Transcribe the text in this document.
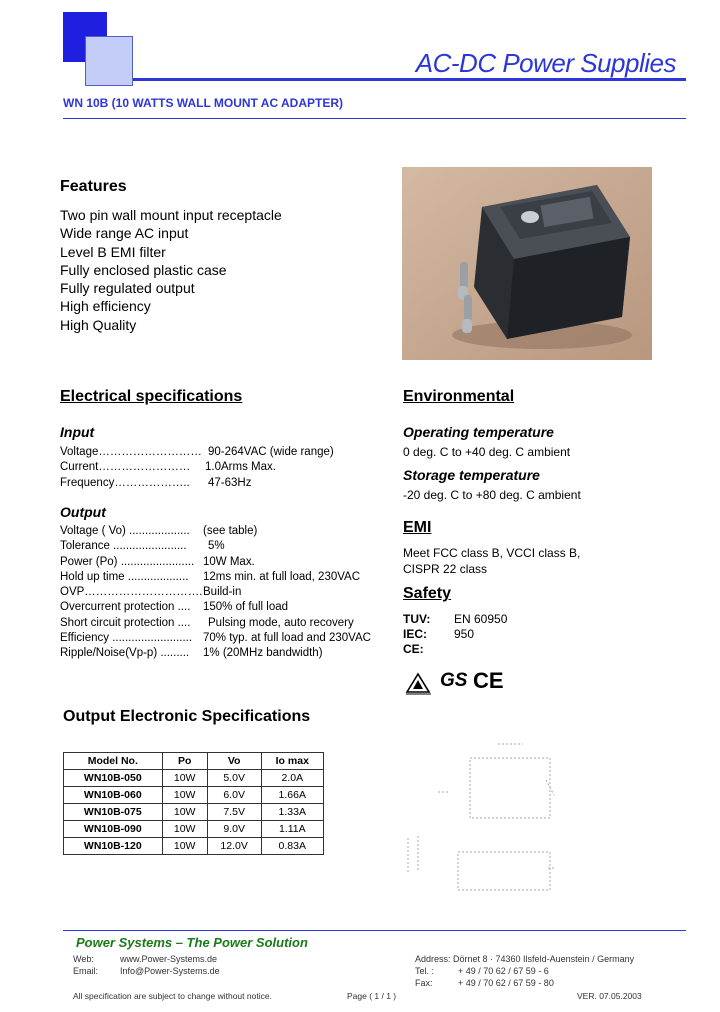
AC-DC Power Supplies
WN 10B (10 WATTS WALL MOUNT AC ADAPTER)
Features
Two pin wall mount input receptacle
Wide range AC input
Level B EMI filter
Fully enclosed plastic case
Fully regulated output
High efficiency
High Quality
Electrical specifications
Input
Voltage……………………… 90-264VAC (wide range)
Current…………………… 1.0Arms Max.
Frequency……………….. 47-63Hz
Output
Voltage ( Vo) ................... (see table)
Tolerance ....................... 5%
Power (Po) ....................... 10W Max.
Hold up time ................... 12ms min. at full load, 230VAC
OVP…………………………. Build-in
Overcurrent protection .... 150% of full load
Short circuit protection .... Pulsing mode, auto recovery
Efficiency ......................... 70% typ. at full load and 230VAC
Ripple/Noise(Vp-p) ......... 1% (20MHz bandwidth)
Environmental
Operating temperature
0 deg. C to +40 deg. C ambient
Storage temperature
-20 deg. C to +80 deg. C ambient
EMI
Meet FCC class B, VCCI class B,
CISPR 22 class
Safety
TUV: EN 60950
IEC: 950
CE:
GS CE
Output Electronic Specifications
Model No.	Po	Vo	Io max
WN10B-050	10W	5.0V	2.0A
WN10B-060	10W	6.0V	1.66A
WN10B-075	10W	7.5V	1.33A
WN10B-090	10W	9.0V	1.11A
WN10B-120	10W	12.0V	0.83A
Power Systems – The Power Solution
Web:	www.Power-Systems.de
Email: Info@Power-Systems.de
Address: Dörnet 8 · 74360 Ilsfeld-Auenstein / Germany
Tel. :	+ 49 / 70 62 / 67 59 - 6
Fax:	+ 49 / 70 62 / 67 59 - 80
All specification are subject to change without notice.	Page ( 1 / 1 )	VER. 07.05.2003
